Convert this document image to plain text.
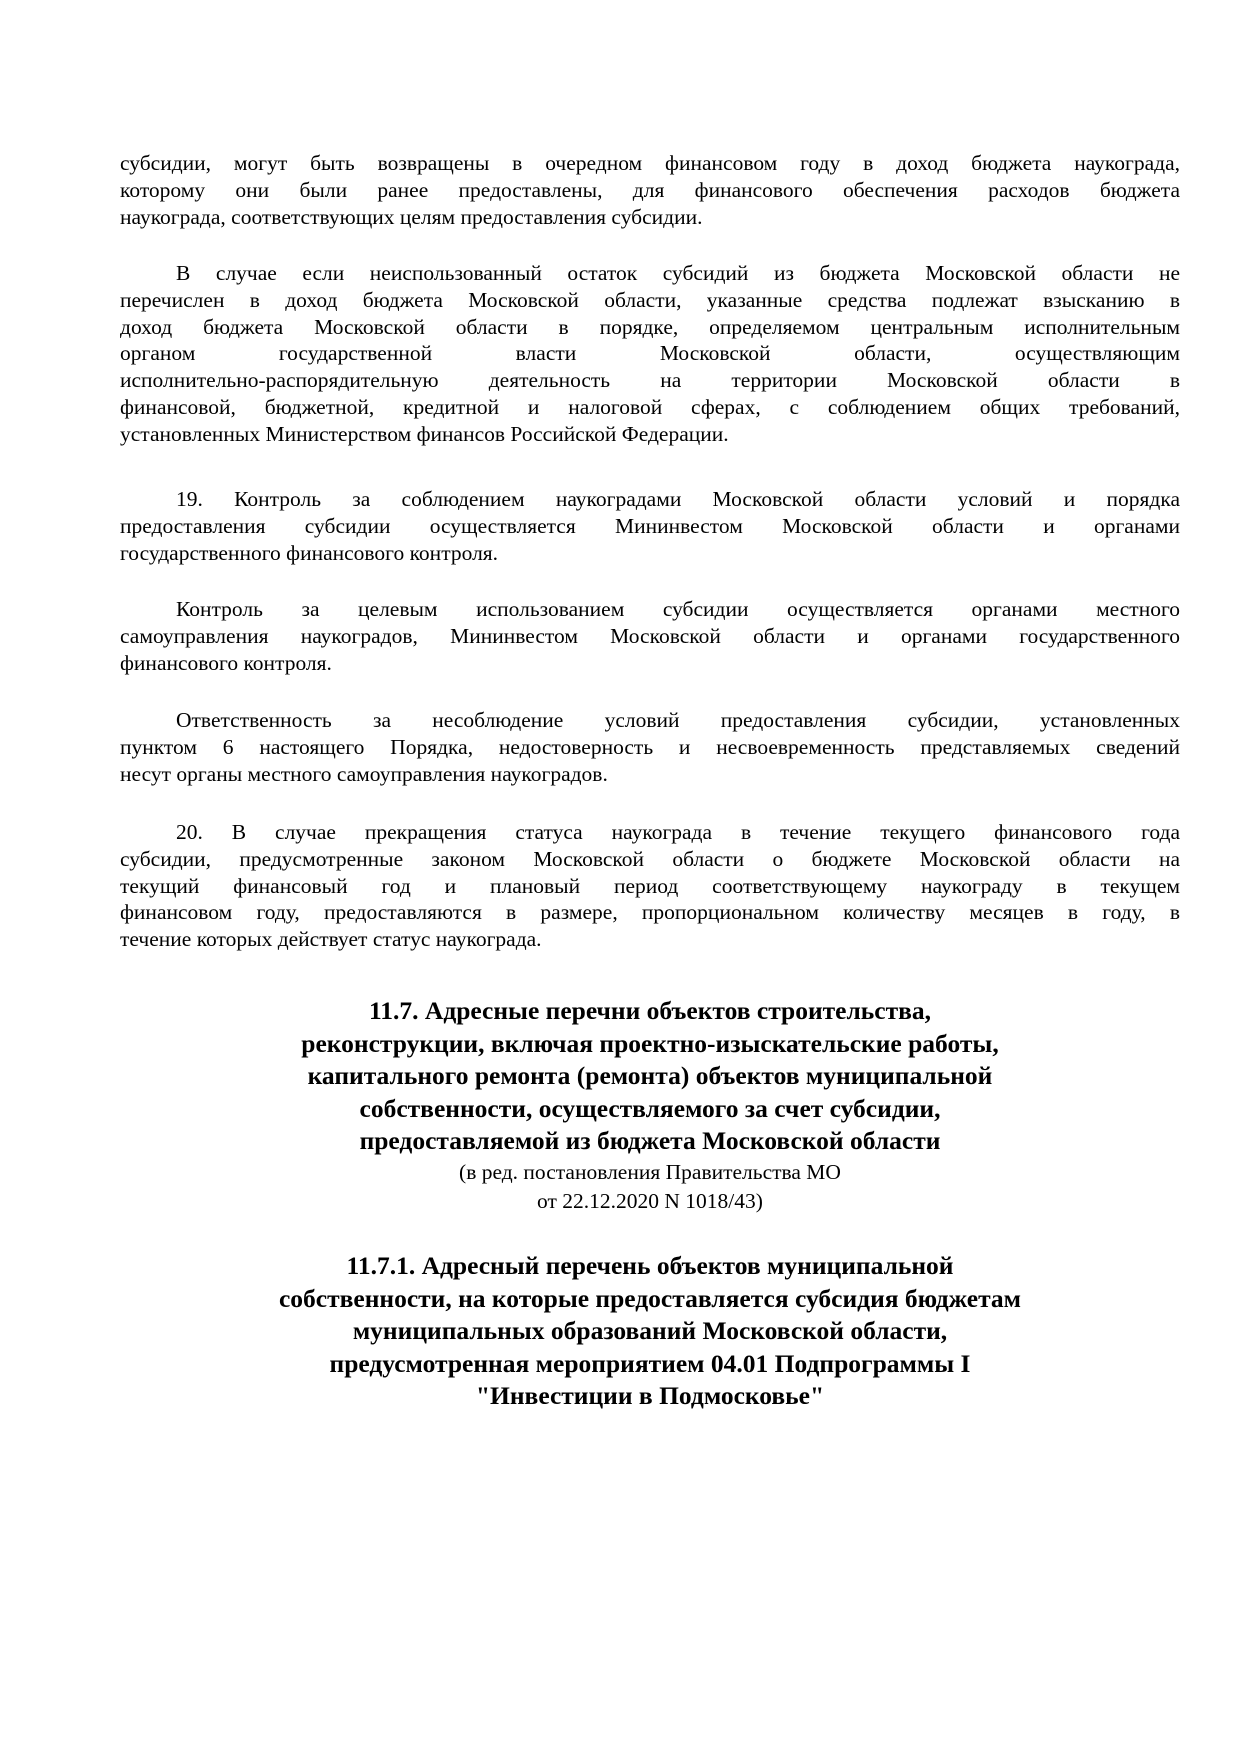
субсидии, могут быть возвращены в очередном финансовом году в доход бюджета наукограда,
которому они были ранее предоставлены, для финансового обеспечения расходов бюджета
наукограда, соответствующих целям предоставления субсидии.
В случае если неиспользованный остаток субсидий из бюджета Московской области не
перечислен в доход бюджета Московской области, указанные средства подлежат взысканию в
доход бюджета Московской области в порядке, определяемом центральным исполнительным
органом государственной власти Московской области, осуществляющим
исполнительно-распорядительную деятельность на территории Московской области в
финансовой, бюджетной, кредитной и налоговой сферах, с соблюдением общих требований,
установленных Министерством финансов Российской Федерации.
19. Контроль за соблюдением наукоградами Московской области условий и порядка
предоставления субсидии осуществляется Мининвестом Московской области и органами
государственного финансового контроля.
Контроль за целевым использованием субсидии осуществляется органами местного
самоуправления наукоградов, Мининвестом Московской области и органами государственного
финансового контроля.
Ответственность за несоблюдение условий предоставления субсидии, установленных
пунктом 6 настоящего Порядка, недостоверность и несвоевременность представляемых сведений
несут органы местного самоуправления наукоградов.
20. В случае прекращения статуса наукограда в течение текущего финансового года
субсидии, предусмотренные законом Московской области о бюджете Московской области на
текущий финансовый год и плановый период соответствующему наукограду в текущем
финансовом году, предоставляются в размере, пропорциональном количеству месяцев в году, в
течение которых действует статус наукограда.
11.7. Адресные перечни объектов строительства,
реконструкции, включая проектно-изыскательские работы,
капитального ремонта (ремонта) объектов муниципальной
собственности, осуществляемого за счет субсидии,
предоставляемой из бюджета Московской области
(в ред. постановления Правительства МО
от 22.12.2020 N 1018/43)
11.7.1. Адресный перечень объектов муниципальной
собственности, на которые предоставляется субсидия бюджетам
муниципальных образований Московской области,
предусмотренная мероприятием 04.01 Подпрограммы I
"Инвестиции в Подмосковье"
